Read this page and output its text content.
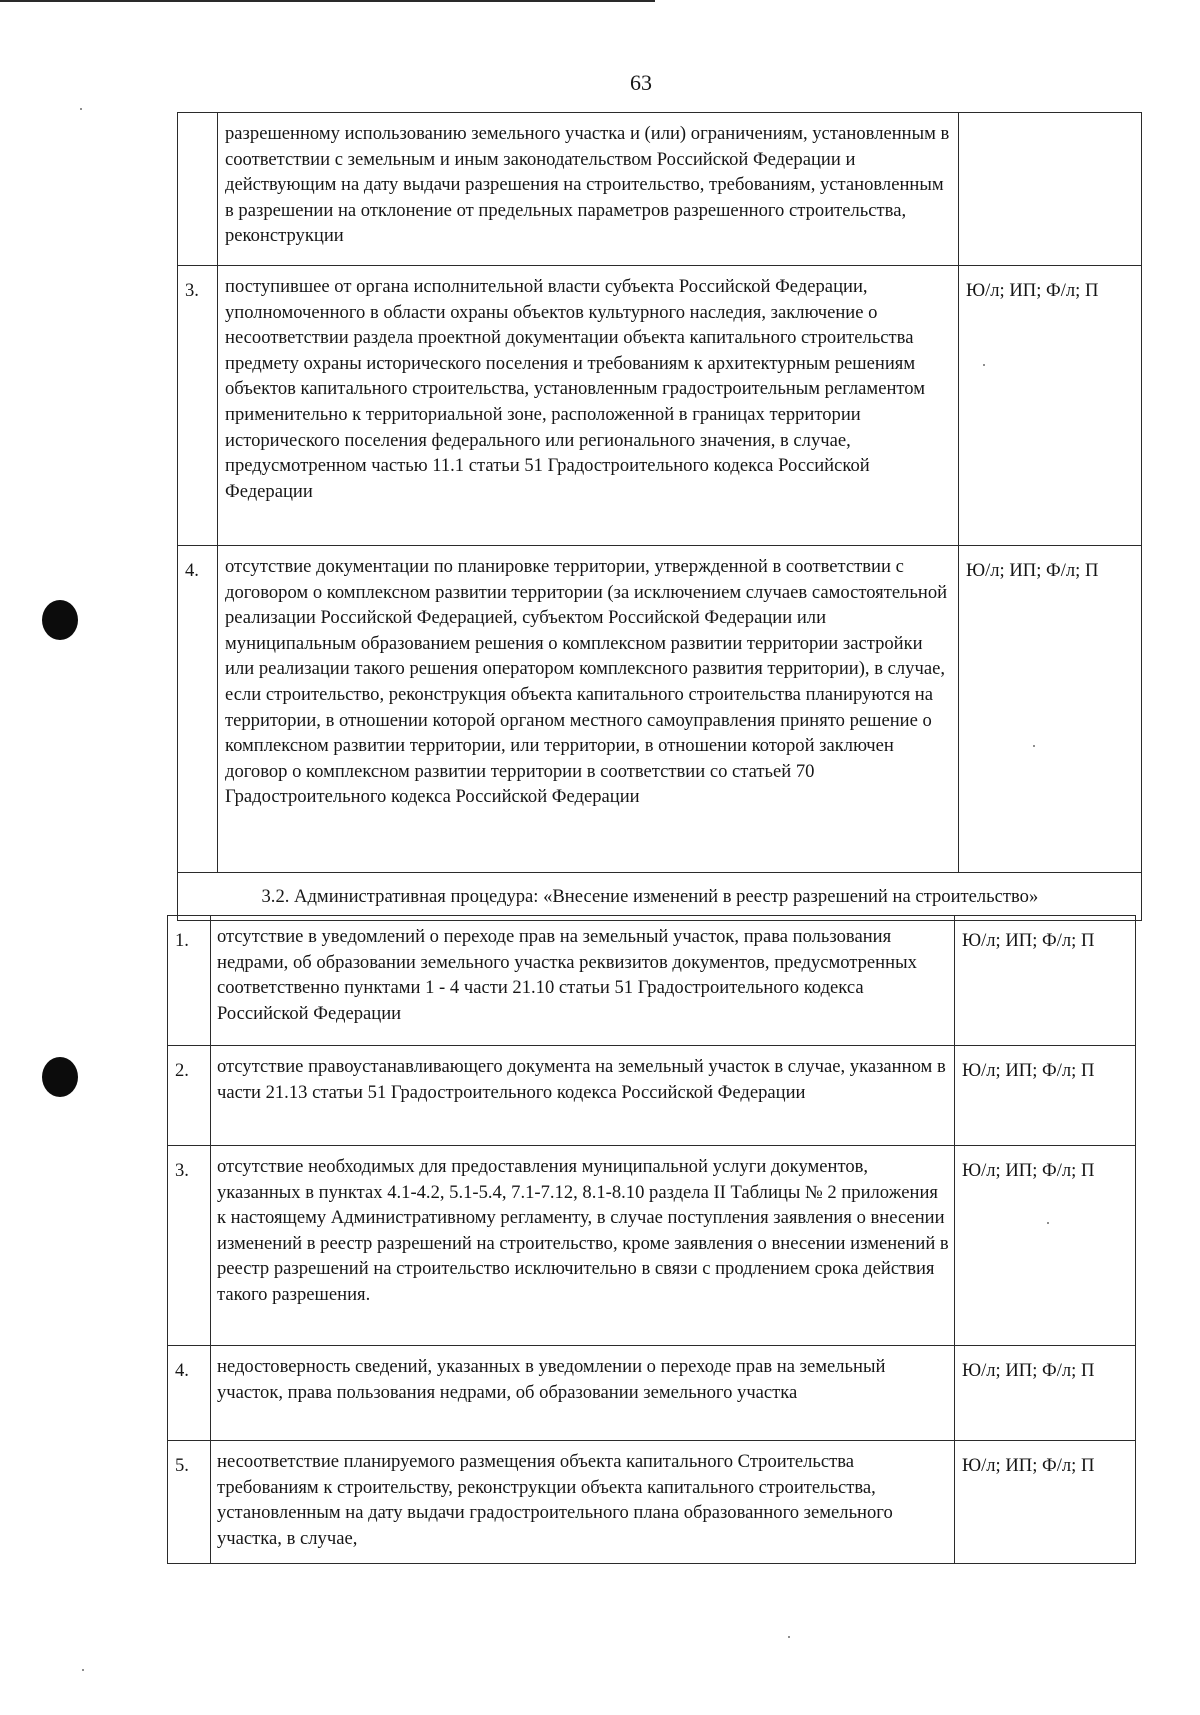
63
	разрешенному использованию земельного участка и (или) ограничениям, установленным в соответствии с земельным и иным законодательством Российской Федерации и действующим на дату выдачи разрешения на строительство, требованиям, установленным в разрешении на отклонение от предельных параметров разрешенного строительства, реконструкции	
3.	поступившее от органа исполнительной власти субъекта Российской Федерации, уполномоченного в области охраны объектов культурного наследия, заключение о несоответствии раздела проектной документации объекта капитального строительства предмету охраны исторического поселения и требованиям к архитектурным решениям объектов капитального строительства, установленным градостроительным регламентом применительно к территориальной зоне, расположенной в границах территории исторического поселения федерального или регионального значения, в случае, предусмотренном частью 11.1 статьи 51 Градостроительного кодекса Российской Федерации	Ю/л; ИП; Ф/л; П
4.	отсутствие документации по планировке территории, утвержденной в соответствии с договором о комплексном развитии территории (за исключением случаев самостоятельной реализации Российской Федерацией, субъектом Российской Федерации или муниципальным образованием решения о комплексном развитии территории застройки или реализации такого решения оператором комплексного развития территории), в случае, если строительство, реконструкция объекта капитального строительства планируются на территории, в отношении которой органом местного самоуправления принято решение о комплексном развитии территории, или территории, в отношении которой заключен договор о комплексном развитии территории в соответствии со статьей 70 Градостроительного кодекса Российской Федерации	Ю/л; ИП; Ф/л; П
	3.2. Административная процедура: «Внесение изменений в реестр разрешений на строительство»	
1.	отсутствие в уведомлений о переходе прав на земельный участок, права пользования недрами, об образовании земельного участка реквизитов документов, предусмотренных соответственно пунктами 1 - 4 части 21.10 статьи 51 Градостроительного кодекса Российской Федерации	Ю/л; ИП; Ф/л; П
2.	отсутствие правоустанавливающего документа на земельный участок в случае, указанном в части 21.13 статьи 51 Градостроительного кодекса Российской Федерации	Ю/л; ИП; Ф/л; П
3.	отсутствие необходимых для предоставления муниципальной услуги документов, указанных в пунктах 4.1-4.2, 5.1-5.4, 7.1-7.12, 8.1-8.10 раздела II Таблицы № 2 приложения к настоящему Административному регламенту, в случае поступления заявления о внесении изменений в реестр разрешений на строительство, кроме заявления о внесении изменений в реестр разрешений на строительство исключительно в связи с продлением срока действия такого разрешения.	Ю/л; ИП; Ф/л; П
4.	недостоверность сведений, указанных в уведомлении о переходе прав на земельный участок, права пользования недрами, об образовании земельного участка	Ю/л; ИП; Ф/л; П
5.	несоответствие планируемого размещения объекта капитального Строительства требованиям к строительству, реконструкции объекта капитального строительства, установленным на дату выдачи градостроительного плана образованного земельного участка, в случае,	Ю/л; ИП; Ф/л; П
